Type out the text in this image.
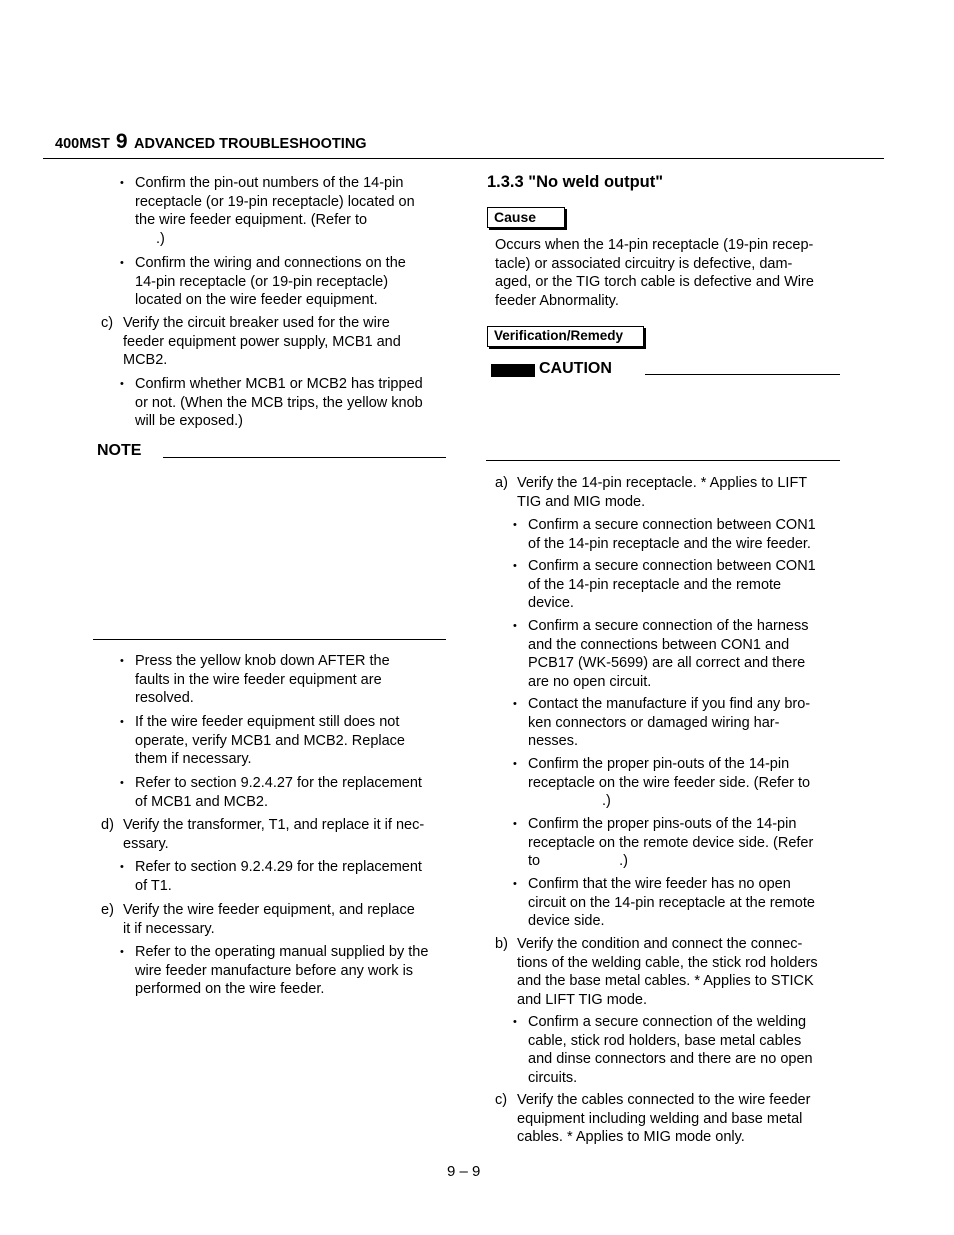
400MST 9 ADVANCED TROUBLESHOOTING
• Confirm the pin-out numbers of the 14-pin
receptacle (or 19-pin receptacle) located on
the wire feeder equipment. (Refer to
.)
• Confirm the wiring and connections on the
14-pin receptacle (or 19-pin receptacle)
located on the wire feeder equipment.
c) Verify the circuit breaker used for the wire
feeder equipment power supply, MCB1 and
MCB2.
• Confirm whether MCB1 or MCB2 has tripped
or not. (When the MCB trips, the yellow knob
will be exposed.)
NOTE
• Press the yellow knob down AFTER the
faults in the wire feeder equipment are
resolved.
• If the wire feeder equipment still does not
operate, verify MCB1 and MCB2. Replace
them if necessary.
• Refer to section 9.2.4.27 for the replacement
of MCB1 and MCB2.
d) Verify the transformer, T1, and replace it if nec-
essary.
• Refer to section 9.2.4.29 for the replacement
of T1.
e) Verify the wire feeder equipment, and replace
it if necessary.
• Refer to the operating manual supplied by the
wire feeder manufacture before any work is
performed on the wire feeder.
1.3.3 "No weld output"
Cause
Occurs when the 14-pin receptacle (19-pin recep-
tacle) or associated circuitry is defective, dam-
aged, or the TIG torch cable is defective and Wire
feeder Abnormality.
Verification/Remedy
CAUTION
a) Verify the 14-pin receptacle. * Applies to LIFT
TIG and MIG mode.
• Confirm a secure connection between CON1
of the 14-pin receptacle and the wire feeder.
• Confirm a secure connection between CON1
of the 14-pin receptacle and the remote
device.
• Confirm a secure connection of the harness
and the connections between CON1 and
PCB17 (WK-5699) are all correct and there
are no open circuit.
• Contact the manufacture if you find any bro-
ken connectors or damaged wiring har-
nesses.
• Confirm the proper pin-outs of the 14-pin
receptacle on the wire feeder side. (Refer to
.)
• Confirm the proper pins-outs of the 14-pin
receptacle on the remote device side. (Refer
to	.)
• Confirm that the wire feeder has no open
circuit on the 14-pin receptacle at the remote
device side.
b) Verify the condition and connect the connec-
tions of the welding cable, the stick rod holders
and the base metal cables. * Applies to STICK
and LIFT TIG mode.
• Confirm a secure connection of the welding
cable, stick rod holders, base metal cables
and dinse connectors and there are no open
circuits.
c) Verify the cables connected to the wire feeder
equipment including welding and base metal
cables. * Applies to MIG mode only.
9 – 9
